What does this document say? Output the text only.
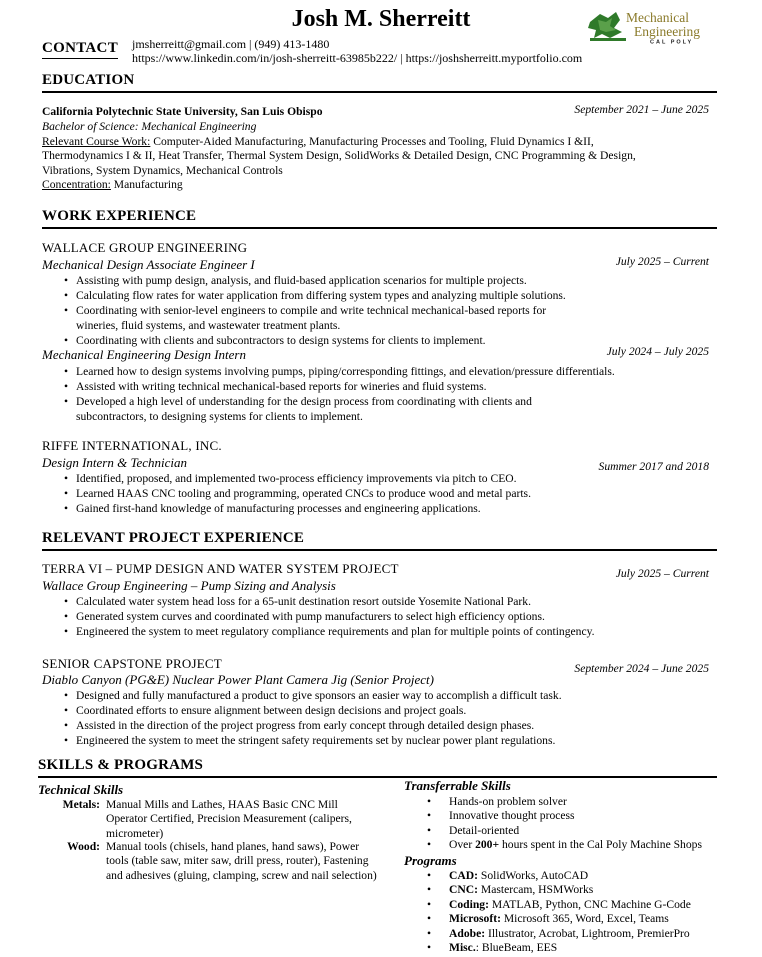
Josh M. Sherreitt	Mechanical
Engineering
CAL POLY
CONTACT jmsherreitt@gmail.com | (949) 413-1480
https://www.linkedin.com/in/josh-sherreitt-63985b222/ | https://joshsherreitt.myportfolio.com
EDUCATION
California Polytechnic State University, San Luis Obispo	September 2021 – June 2025
Bachelor of Science: Mechanical Engineering
Relevant Course Work: Computer-Aided Manufacturing, Manufacturing Processes and Tooling, Fluid Dynamics I &II,
Thermodynamics I & II, Heat Transfer, Thermal System Design, SolidWorks & Detailed Design, CNC Programming & Design,
Vibrations, System Dynamics, Mechanical Controls
Concentration: Manufacturing
WORK EXPERIENCE
WALLACE GROUP ENGINEERING
Mechanical Design Associate Engineer I	July 2025 – Current
• Assisting with pump design, analysis, and fluid-based application scenarios for multiple projects.
• Calculating flow rates for water application from differing system types and analyzing multiple solutions.
• Coordinating with senior-level engineers to compile and write technical mechanical-based reports for
wineries, fluid systems, and wastewater treatment plants.
• Coordinating with clients and subcontractors to design systems for clients to implement.
Mechanical Engineering Design Intern	July 2024 – July 2025
• Learned how to design systems involving pumps, piping/corresponding fittings, and elevation/pressure differentials.
• Assisted with writing technical mechanical-based reports for wineries and fluid systems.
• Developed a high level of understanding for the design process from coordinating with clients and
subcontractors, to designing systems for clients to implement.
RIFFE INTERNATIONAL, INC.
Design Intern & Technician	Summer 2017 and 2018
• Identified, proposed, and implemented two-process efficiency improvements via pitch to CEO.
• Learned HAAS CNC tooling and programming, operated CNCs to produce wood and metal parts.
• Gained first-hand knowledge of manufacturing processes and engineering applications.
RELEVANT PROJECT EXPERIENCE
TERRA VI – PUMP DESIGN AND WATER SYSTEM PROJECT
Wallace Group Engineering – Pump Sizing and Analysis
July 2025 – Current
• Calculated water system head loss for a 65-unit destination resort outside Yosemite National Park.
• Generated system curves and coordinated with pump manufacturers to select high efficiency options.
• Engineered the system to meet regulatory compliance requirements and plan for multiple points of contingency.
SENIOR CAPSTONE PROJECT
Diablo Canyon (PG&E) Nuclear Power Plant Camera Jig (Senior Project)
September 2024 – June 2025
• Designed and fully manufactured a product to give sponsors an easier way to accomplish a difficult task.
• Coordinated efforts to ensure alignment between design decisions and project goals.
• Assisted in the direction of the project progress from early concept through detailed design phases.
• Engineered the system to meet the stringent safety requirements set by nuclear power plant regulations.
SKILLS & PROGRAMS
Technical Skills
Metals: Manual Mills and Lathes, HAAS Basic CNC Mill
Operator Certified, Precision Measurement (calipers,
micrometer)
Wood: Manual tools (chisels, hand planes, hand saws), Power
tools (table saw, miter saw, drill press, router), Fastening
and adhesives (gluing, clamping, screw and nail selection)
Transferrable Skills
• Hands-on problem solver
• Innovative thought process
• Detail-oriented
• Over 200+ hours spent in the Cal Poly Machine Shops
Programs
• CAD: SolidWorks, AutoCAD
• CNC: Mastercam, HSMWorks
• Coding: MATLAB, Python, CNC Machine G-Code
• Microsoft: Microsoft 365, Word, Excel, Teams
• Adobe: Illustrator, Acrobat, Lightroom, PremierPro
• Misc.: BlueBeam, EES
